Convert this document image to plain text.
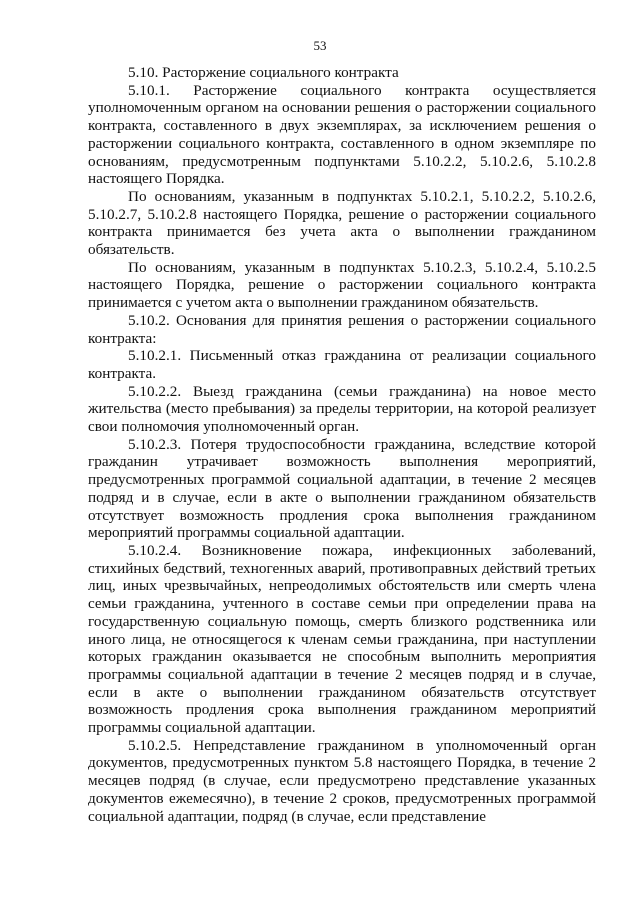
53

5.10. Расторжение социального контракта

5.10.1. Расторжение социального контракта осуществляется уполномоченным органом на основании решения о расторжении социального контракта, составленного в двух экземплярах, за исключением решения о расторжении социального контракта, составленного в одном экземпляре по основаниям, предусмотренным подпунктами 5.10.2.2, 5.10.2.6, 5.10.2.8 настоящего Порядка.

По основаниям, указанным в подпунктах 5.10.2.1, 5.10.2.2, 5.10.2.6, 5.10.2.7, 5.10.2.8 настоящего Порядка, решение о расторжении социального контракта принимается без учета акта о выполнении гражданином обязательств.

По основаниям, указанным в подпунктах 5.10.2.3, 5.10.2.4, 5.10.2.5 настоящего Порядка, решение о расторжении социального контракта принимается с учетом акта о выполнении гражданином обязательств.

5.10.2. Основания для принятия решения о расторжении социального контракта:

5.10.2.1. Письменный отказ гражданина от реализации социального контракта.

5.10.2.2. Выезд гражданина (семьи гражданина) на новое место жительства (место пребывания) за пределы территории, на которой реализует свои полномочия уполномоченный орган.

5.10.2.3. Потеря трудоспособности гражданина, вследствие которой гражданин утрачивает возможность выполнения мероприятий, предусмотренных программой социальной адаптации, в течение 2 месяцев подряд и в случае, если в акте о выполнении гражданином обязательств отсутствует возможность продления срока выполнения гражданином мероприятий программы социальной адаптации.

5.10.2.4. Возникновение пожара, инфекционных заболеваний, стихийных бедствий, техногенных аварий, противоправных действий третьих лиц, иных чрезвычайных, непреодолимых обстоятельств или смерть члена семьи гражданина, учтенного в составе семьи при определении права на государственную социальную помощь, смерть близкого родственника или иного лица, не относящегося к членам семьи гражданина, при наступлении которых гражданин оказывается не способным выполнить мероприятия программы социальной адаптации в течение 2 месяцев подряд и в случае, если в акте о выполнении гражданином обязательств отсутствует возможность продления срока выполнения гражданином мероприятий программы социальной адаптации.

5.10.2.5. Непредставление гражданином в уполномоченный орган документов, предусмотренных пунктом 5.8 настоящего Порядка, в течение 2 месяцев подряд (в случае, если предусмотрено представление указанных документов ежемесячно), в течение 2 сроков, предусмотренных программой социальной адаптации, подряд (в случае, если представление
